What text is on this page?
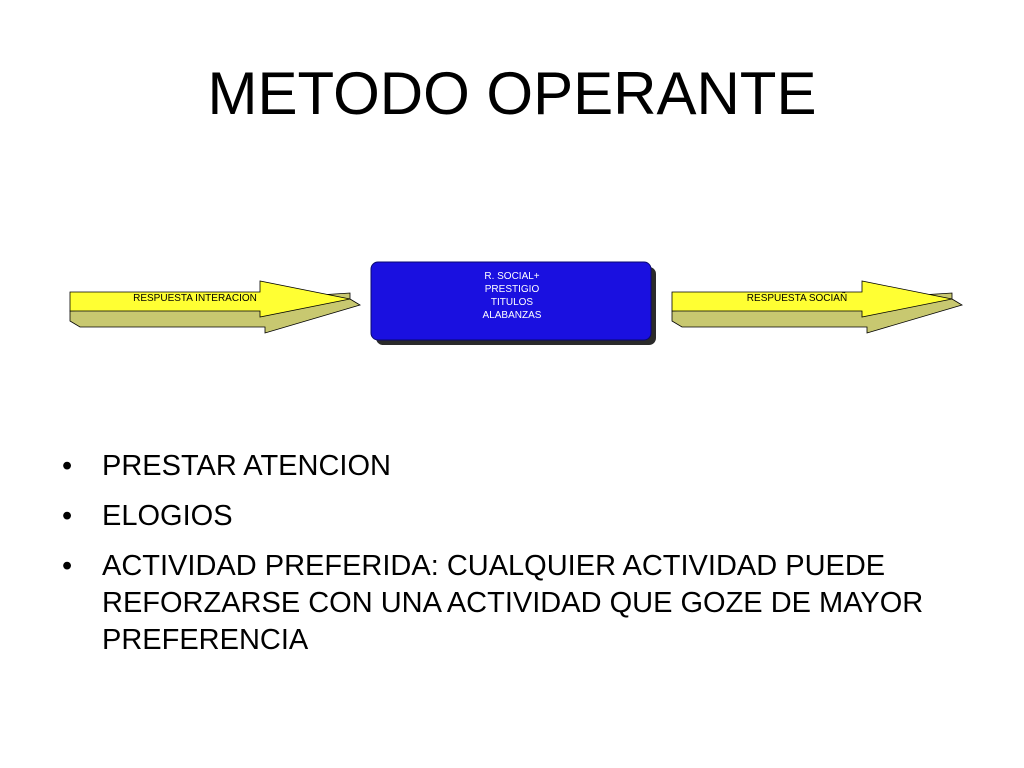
METODO OPERANTE
RESPUESTA INTERACION
R. SOCIAL+
PRESTIGIO
TITULOS
ALABANZAS
RESPUESTA SOCIAÑ
• PRESTAR ATENCION
• ELOGIOS
• ACTIVIDAD PREFERIDA: CUALQUIER ACTIVIDAD PUEDE REFORZARSE CON UNA ACTIVIDAD QUE GOZE DE MAYOR PREFERENCIA
